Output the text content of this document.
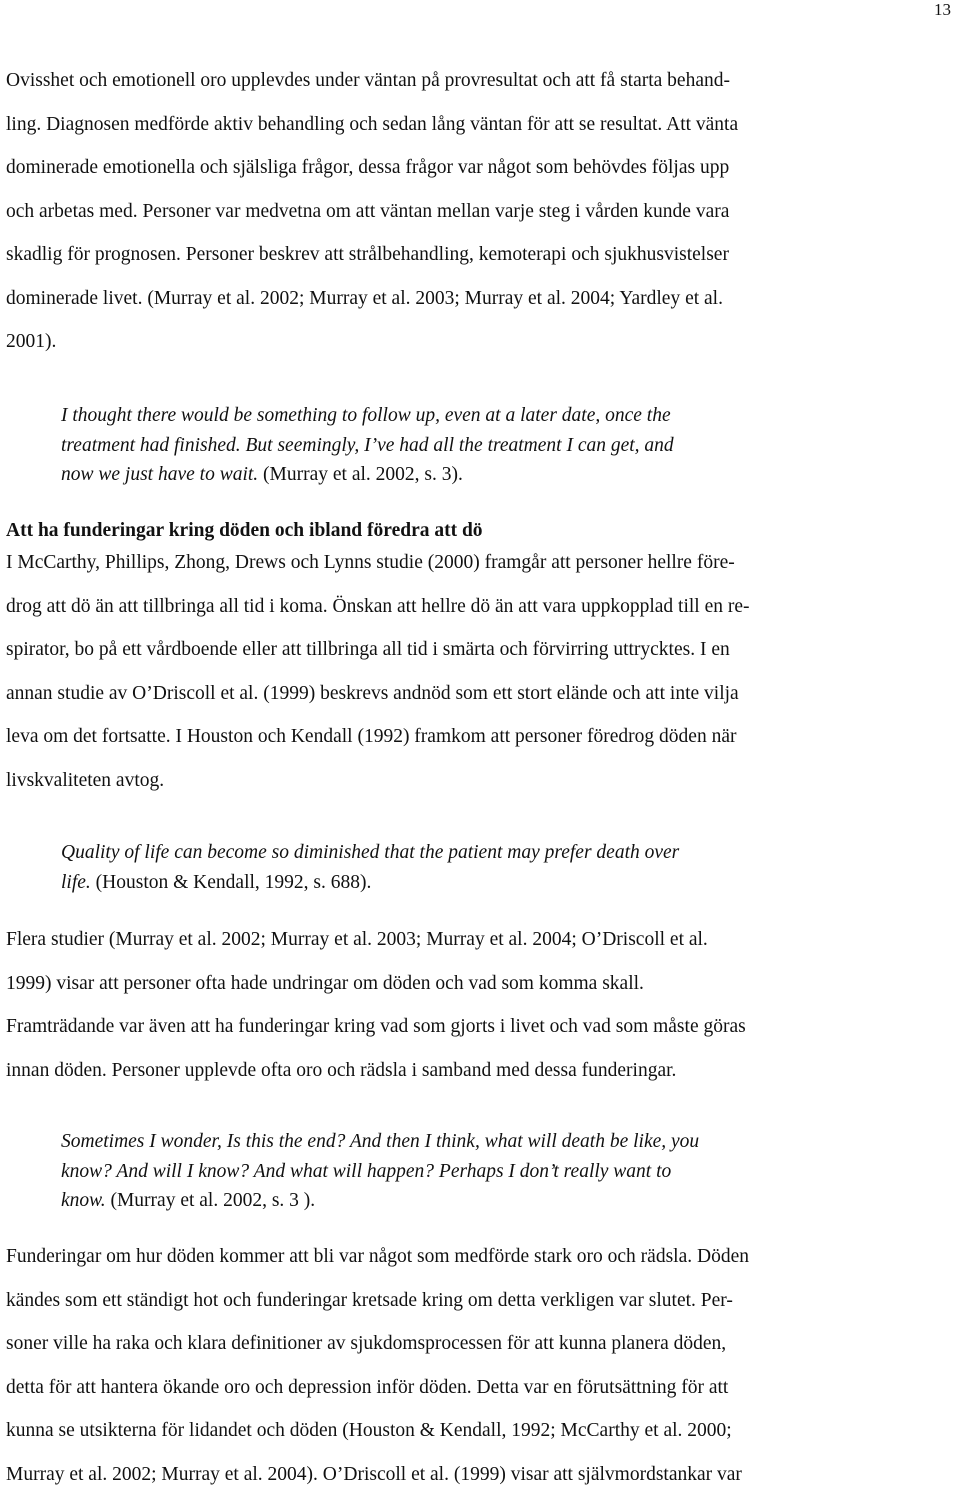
13
Ovisshet och emotionell oro upplevdes under väntan på provresultat och att få starta behand-
ling. Diagnosen medförde aktiv behandling och sedan lång väntan för att se resultat. Att vänta
dominerade emotionella och själsliga frågor, dessa frågor var något som behövdes följas upp
och arbetas med. Personer var medvetna om att väntan mellan varje steg i vården kunde vara
skadlig för prognosen. Personer beskrev att strålbehandling, kemoterapi och sjukhusvistelser
dominerade livet. (Murray et al. 2002; Murray et al. 2003; Murray et al. 2004; Yardley et al.
2001).
I thought there would be something to follow up, even at a later date, once the
treatment had finished. But seemingly, I’ve had all the treatment I can get, and
now we just have to wait. (Murray et al. 2002, s. 3).
Att ha funderingar kring döden och ibland föredra att dö
I McCarthy, Phillips, Zhong, Drews och Lynns studie (2000) framgår att personer hellre före-
drog att dö än att tillbringa all tid i koma. Önskan att hellre dö än att vara uppkopplad till en re-
spirator, bo på ett vårdboende eller att tillbringa all tid i smärta och förvirring uttrycktes. I en
annan studie av O’Driscoll et al. (1999) beskrevs andnöd som ett stort elände och att inte vilja
leva om det fortsatte. I Houston och Kendall (1992) framkom att personer föredrog döden när
livskvaliteten avtog.
Quality of life can become so diminished that the patient may prefer death over
life. (Houston & Kendall, 1992, s. 688).
Flera studier (Murray et al. 2002; Murray et al. 2003; Murray et al. 2004; O’Driscoll et al.
1999) visar att personer ofta hade undringar om döden och vad som komma skall.
Framträdande var även att ha funderingar kring vad som gjorts i livet och vad som måste göras
innan döden. Personer upplevde ofta oro och rädsla i samband med dessa funderingar.
Sometimes I wonder, Is this the end? And then I think, what will death be like, you
know? And will I know? And what will happen? Perhaps I don’t really want to
know. (Murray et al. 2002, s. 3 ).
Funderingar om hur döden kommer att bli var något som medförde stark oro och rädsla. Döden
kändes som ett ständigt hot och funderingar kretsade kring om detta verkligen var slutet. Per-
soner ville ha raka och klara definitioner av sjukdomsprocessen för att kunna planera döden,
detta för att hantera ökande oro och depression inför döden. Detta var en förutsättning för att
kunna se utsikterna för lidandet och döden (Houston & Kendall, 1992; McCarthy et al. 2000;
Murray et al. 2002; Murray et al. 2004). O’Driscoll et al. (1999) visar att självmordstankar var
